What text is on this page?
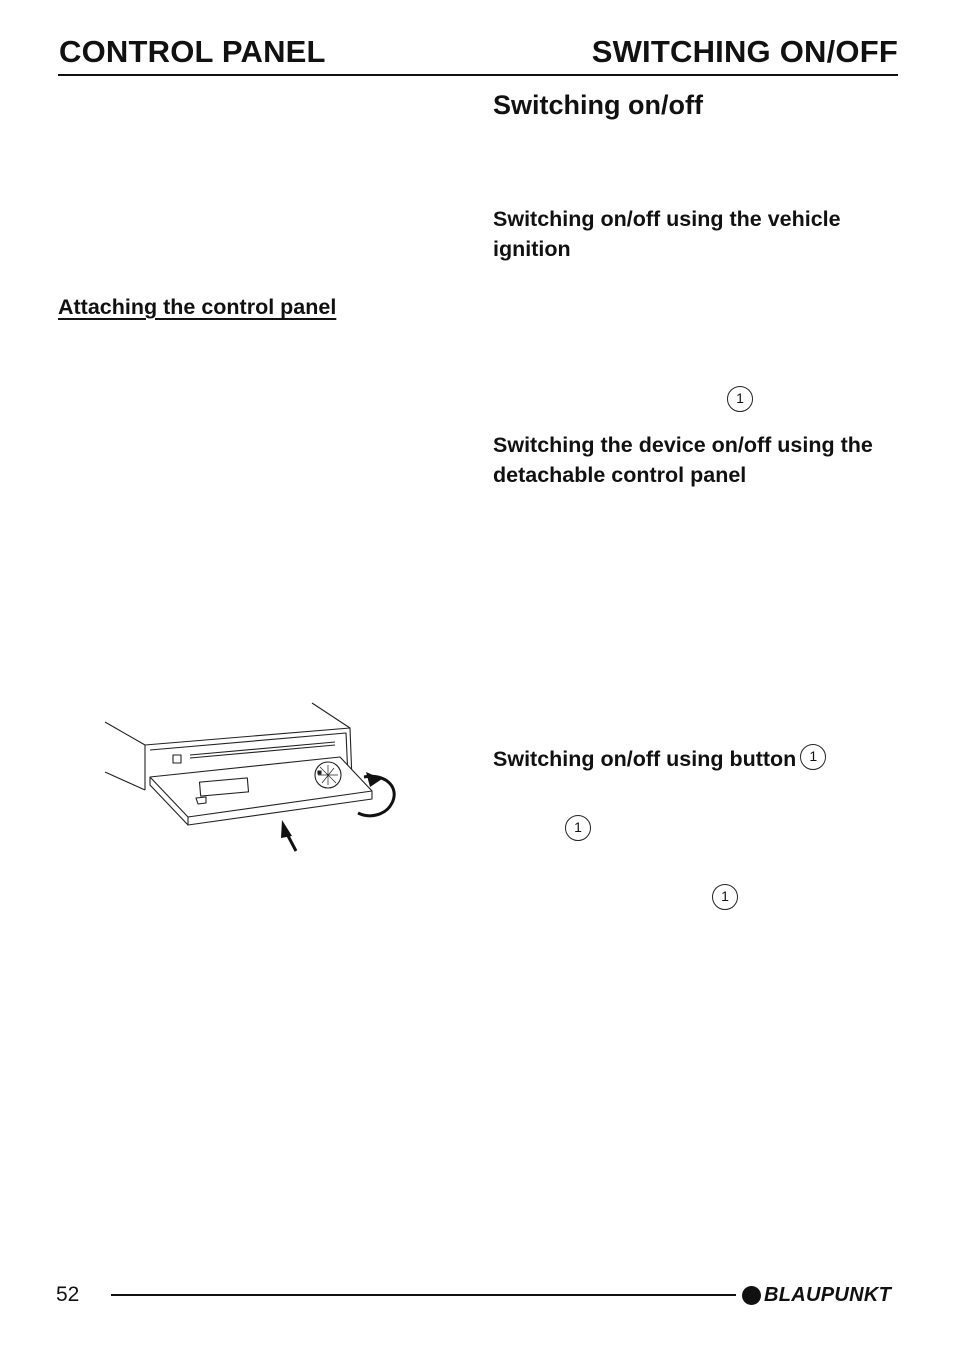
CONTROL PANEL	SWITCHING ON/OFF
Switching on/off
Switching on/off using the vehicle ignition
Attaching the control panel
1
Switching the device on/off using the detachable control panel
Switching on/off using button 1
1
1
52	BLAUPUNKT
